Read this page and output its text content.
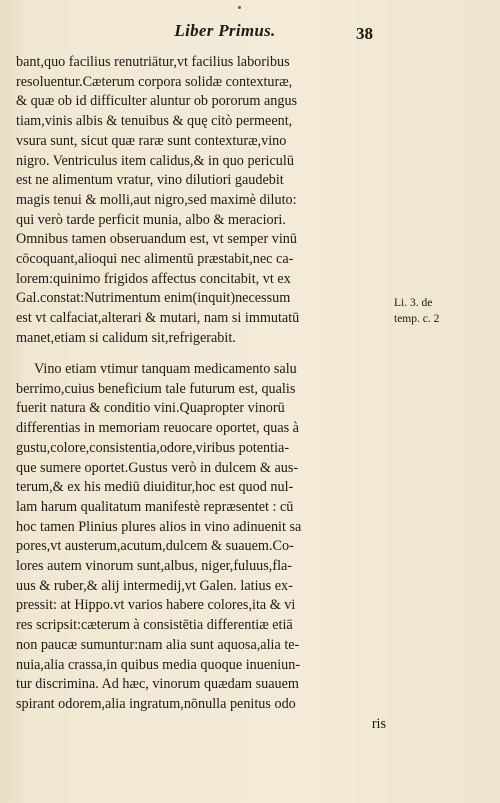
Liber Primus.	38
bant,quo facilius renutriātur,vt facilius laboribus
resoluentur.Cæterum corpora solidæ contexturæ,
& quæ ob id difficulter aluntur ob pororum angus
tiam,vinis albis & tenuibus & quę citò permeent,
vsura sunt, sicut quæ raræ sunt contexturæ,vino
nigro. Ventriculus item calidus,& in quo periculū
est ne alimentum vratur, vino dilutiori gaudebit
magis tenui & molli,aut nigro,sed maximè diluto:
qui verò tarde perficit munia, albo & meraciori.
Omnibus tamen obseruandum est, vt semper vinū
cōcoquant,alioqui nec alimentū præstabit,nec ca-
lorem:quinimo frigidos affectus concitabit, vt ex
Gal.constat:Nutrimentum enim(inquit)necessum
est vt calfaciat,alterari & mutari, nam si immutatū
manet,etiam si calidum sit,refrigerabit.
Li. 3. de
temp. c. 2
Vino etiam vtimur tanquam medicamento salu
berrimo,cuius beneficium tale futurum est, qualis
fuerit natura & conditio vini.Quapropter vinorū
differentias in memoriam reuocare oportet, quas à
gustu,colore,consistentia,odore,viribus potentia-
que sumere oportet.Gustus verò in dulcem & aus-
terum,& ex his mediū diuiditur,hoc est quod nul-
lam harum qualitatum manifestè repræsentet : cū
hoc tamen Plinius plures alios in vino adinuenit sa
pores,vt austerum,acutum,dulcem & suauem.Co-
lores autem vinorum sunt,albus, niger,fuluus,fla-
uus & ruber,& alij intermedij,vt Galen. latius ex-
pressit: at Hippo.vt varios habere colores,ita & vi
res scripsit:cæterum à consistētia differentiæ etiā
non paucæ sumuntur:nam alia sunt aquosa,alia te-
nuia,alia crassa,in quibus media quoque inueniun-
tur discrimina. Ad hæc, vinorum quædam suauem
spirant odorem,alia ingratum,nōnulla penitus odo
ris
